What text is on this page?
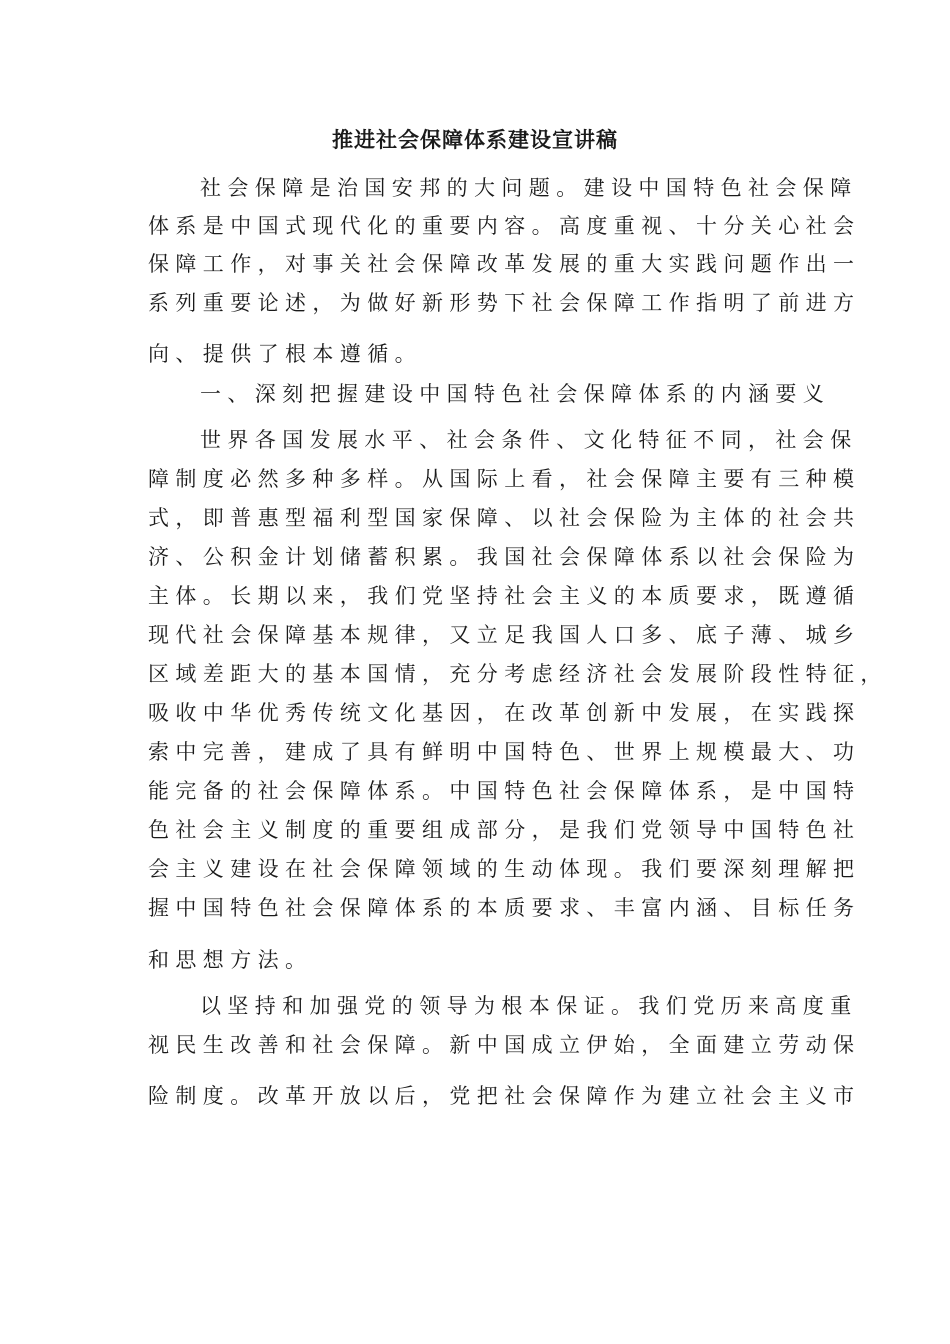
推进社会保障体系建设宣讲稿
社会保障是治国安邦的大问题。建设中国特色社会保障
体系是中国式现代化的重要内容。高度重视、十分关心社会
保障工作，对事关社会保障改革发展的重大实践问题作出一
系列重要论述，为做好新形势下社会保障工作指明了前进方
向、提供了根本遵循。
一、深刻把握建设中国特色社会保障体系的内涵要义
世界各国发展水平、社会条件、文化特征不同，社会保
障制度必然多种多样。从国际上看，社会保障主要有三种模
式，即普惠型福利型国家保障、以社会保险为主体的社会共
济、公积金计划储蓄积累。我国社会保障体系以社会保险为
主体。长期以来，我们党坚持社会主义的本质要求，既遵循
现代社会保障基本规律，又立足我国人口多、底子薄、城乡
区域差距大的基本国情，充分考虑经济社会发展阶段性特征，
吸收中华优秀传统文化基因，在改革创新中发展，在实践探
索中完善，建成了具有鲜明中国特色、世界上规模最大、功
能完备的社会保障体系。中国特色社会保障体系，是中国特
色社会主义制度的重要组成部分，是我们党领导中国特色社
会主义建设在社会保障领域的生动体现。我们要深刻理解把
握中国特色社会保障体系的本质要求、丰富内涵、目标任务
和思想方法。
以坚持和加强党的领导为根本保证。我们党历来高度重
视民生改善和社会保障。新中国成立伊始，全面建立劳动保
险制度。改革开放以后，党把社会保障作为建立社会主义市
